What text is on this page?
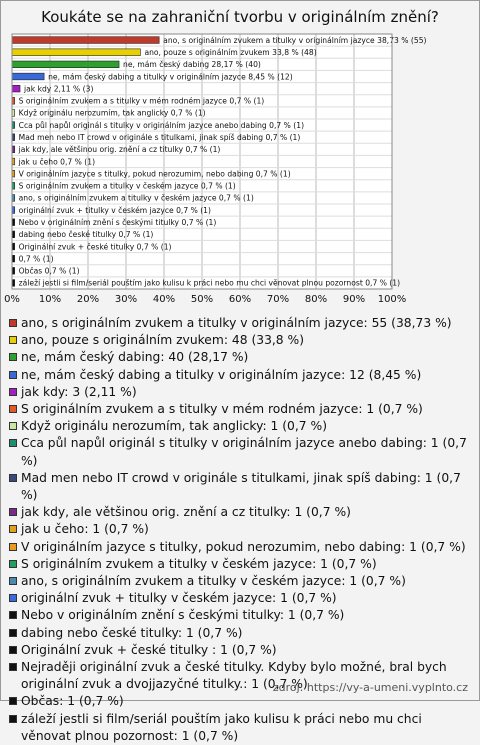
Koukáte se na zahraniční tvorbu v originálním znění?
0% 10% 20% 30% 40% 50% 60% 70% 80% 90% 100%
ano, s originálním zvukem a titulky v originálním jazyce 38,73 % (55)
ano, pouze s originálním zvukem 33,8 % (48)
ne, mám český dabing 28,17 % (40)
ne, mám český dabing a titulky v originálním jazyce 8,45 % (12)
jak kdy 2,11 % (3)
S originálním zvukem a s titulky v mém rodném jazyce 0,7 % (1)
Když originálu nerozumím, tak anglicky 0,7 % (1)
Cca půl napůl originál s titulky v originálním jazyce anebo dabing 0,7 % (1)
Mad men nebo IT crowd v originále s titulkami, jinak spíš dabing 0,7 % (1)
jak kdy, ale většinou orig. znění a cz titulky 0,7 % (1)
jak u čeho 0,7 % (1)
V originálním jazyce s titulky, pokud nerozumim, nebo dabing 0,7 % (1)
S originálním zvukem a titulky v českém jazyce 0,7 % (1)
ano, s originálním zvukem a titulky v českém jazyce 0,7 % (1)
originální zvuk + titulky v českém jazyce 0,7 % (1)
Nebo v originálním znění s českými titulky 0,7 % (1)
dabing nebo české titulky 0,7 % (1)
Originální zvuk + české titulky 0,7 % (1)
0,7 % (1)
Občas 0,7 % (1)
záleží jestli si film/seriál pouštím jako kulisu k práci nebo mu chci věnovat plnou pozornost 0,7 % (1)
ano, s originálním zvukem a titulky v originálním jazyce: 55 (38,73 %)
ano, pouze s originálním zvukem: 48 (33,8 %)
ne, mám český dabing: 40 (28,17 %)
ne, mám český dabing a titulky v originálním jazyce: 12 (8,45 %)
jak kdy: 3 (2,11 %)
S originálním zvukem a s titulky v mém rodném jazyce: 1 (0,7 %)
Když originálu nerozumím, tak anglicky: 1 (0,7 %)
Cca půl napůl originál s titulky v originálním jazyce anebo dabing: 1 (0,7 %)
Mad men nebo IT crowd v originále s titulkami, jinak spíš dabing: 1 (0,7 %)
jak kdy, ale většinou orig. znění a cz titulky: 1 (0,7 %)
jak u čeho: 1 (0,7 %)
V originálním jazyce s titulky, pokud nerozumim, nebo dabing: 1 (0,7 %)
S originálním zvukem a titulky v českém jazyce: 1 (0,7 %)
ano, s originálním zvukem a titulky v českém jazyce: 1 (0,7 %)
originální zvuk + titulky v českém jazyce: 1 (0,7 %)
Nebo v originálním znění s českými titulky: 1 (0,7 %)
dabing nebo české titulky: 1 (0,7 %)
Originální zvuk + české titulky : 1 (0,7 %)
Nejraději originální zvuk a české titulky. Kdyby bylo možné, bral bych originální zvuk a dvojjazyčné titulky.: 1 (0,7 %)
Občas: 1 (0,7 %)
záleží jestli si film/seriál pouštím jako kulisu k práci nebo mu chci věnovat plnou pozornost: 1 (0,7 %)
zdroj: https://vy-a-umeni.vyplnto.cz
